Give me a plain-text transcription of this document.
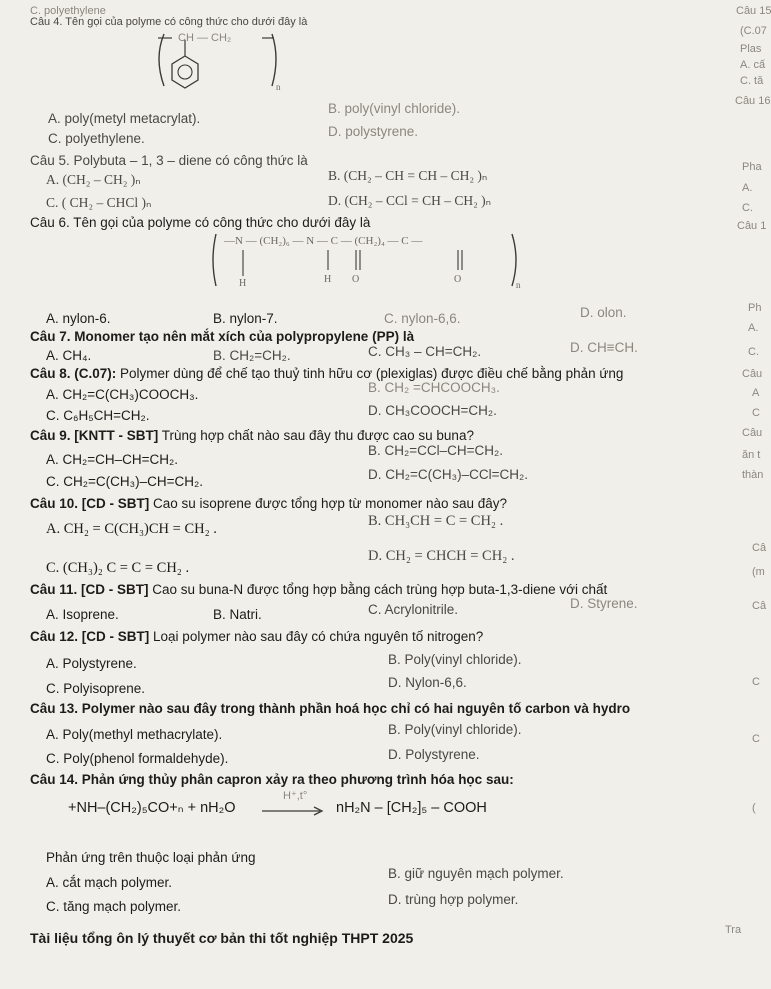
C. polyethylene
Câu 4. Tên gọi của polyme có công thức cho dưới đây là
n
CH — CH₂
A. poly(metyl metacrylat).
B. poly(vinyl chloride).
C. polyethylene.	D. polystyrene.
Câu 5. Polybuta – 1, 3 – diene có công thức là
A. (CH₂ – CH₂ )ₙ	B. (CH₂ – CH = CH – CH₂ )ₙ
C. ( CH₂ – CHCl )ₙ	D. (CH₂ – CCl = CH – CH₂ )ₙ
Câu 6. Tên gọi của polyme có công thức cho dưới đây là
—N — (CH₂)₆ — N — C — (CH₂)₄ — C —
H	H O	O	n
A. nylon-6.	B. nylon-7.	C. nylon-6,6.	D. olon.
Câu 7. Monomer tạo nên mắt xích của polypropylene (PP) là
A. CH₄.	B. CH₂=CH₂.	C. CH₃ – CH=CH₂.	D. CH≡CH.
Câu 8. (C.07): Polymer dùng để chế tạo thuỷ tinh hữu cơ (plexiglas) được điều chế bằng phản ứng
A. CH₂=C(CH₃)COOCH₃.	B. CH₂ =CHCOOCH₃.
C. C₆H₅CH=CH₂.	D. CH₃COOCH=CH₂.
Câu 9. [KNTT - SBT] Trùng hợp chất nào sau đây thu được cao su buna?
A. CH₂=CH–CH=CH₂.
B. CH₂=CCl–CH=CH₂.
C. CH₂=C(CH₃)–CH=CH₂.	D. CH₂=C(CH₃)–CCl=CH₂.
Câu 10. [CD - SBT] Cao su isoprene được tổng hợp từ monomer nào sau đây?
A. CH₂ = C(CH₃)CH = CH₂ .	B. CH₃CH = C = CH₂ .
C. (CH₃)₂ C = C = CH₂ .
D. CH₂ = CHCH = CH₂ .
Câu 11. [CD - SBT] Cao su buna-N được tổng hợp bằng cách trùng hợp buta-1,3-diene với chất
A. Isoprene.	B. Natri.	C. Acrylonitrile.	D. Styrene.
Câu 12. [CD - SBT] Loại polymer nào sau đây có chứa nguyên tố nitrogen?
A. Polystyrene.	B. Poly(vinyl chloride).
C. Polyisoprene.	D. Nylon-6,6.
Câu 13. Polymer nào sau đây trong thành phần hoá học chỉ có hai nguyên tố carbon và hydro
A. Poly(methyl methacrylate).	B. Poly(vinyl chloride).
C. Poly(phenol formaldehyde).	D. Polystyrene.
Câu 14. Phản ứng thủy phân capron xảy ra theo phương trình hóa học sau:
+NH–(CH₂)₅CO+ₙ + nH₂O
H⁺,t°
nH₂N – [CH₂]₅ – COOH
Phản ứng trên thuộc loại phản ứng
A. cắt mạch polymer.
B. giữ nguyên mạch polymer.
C. tăng mạch polymer.	D. trùng hợp polymer.
Tài liệu tổng ôn lý thuyết cơ bản thi tốt nghiệp THPT 2025
Câu 15
(C.07
Plas
A. cấ
C. tă
Câu 16
Pha
A.
C.
Câu 1
Ph
A.
C.
Câu
A
C
Câu
ăn t
thàn
Câ
(m
Câ
C
C
(
Tra
